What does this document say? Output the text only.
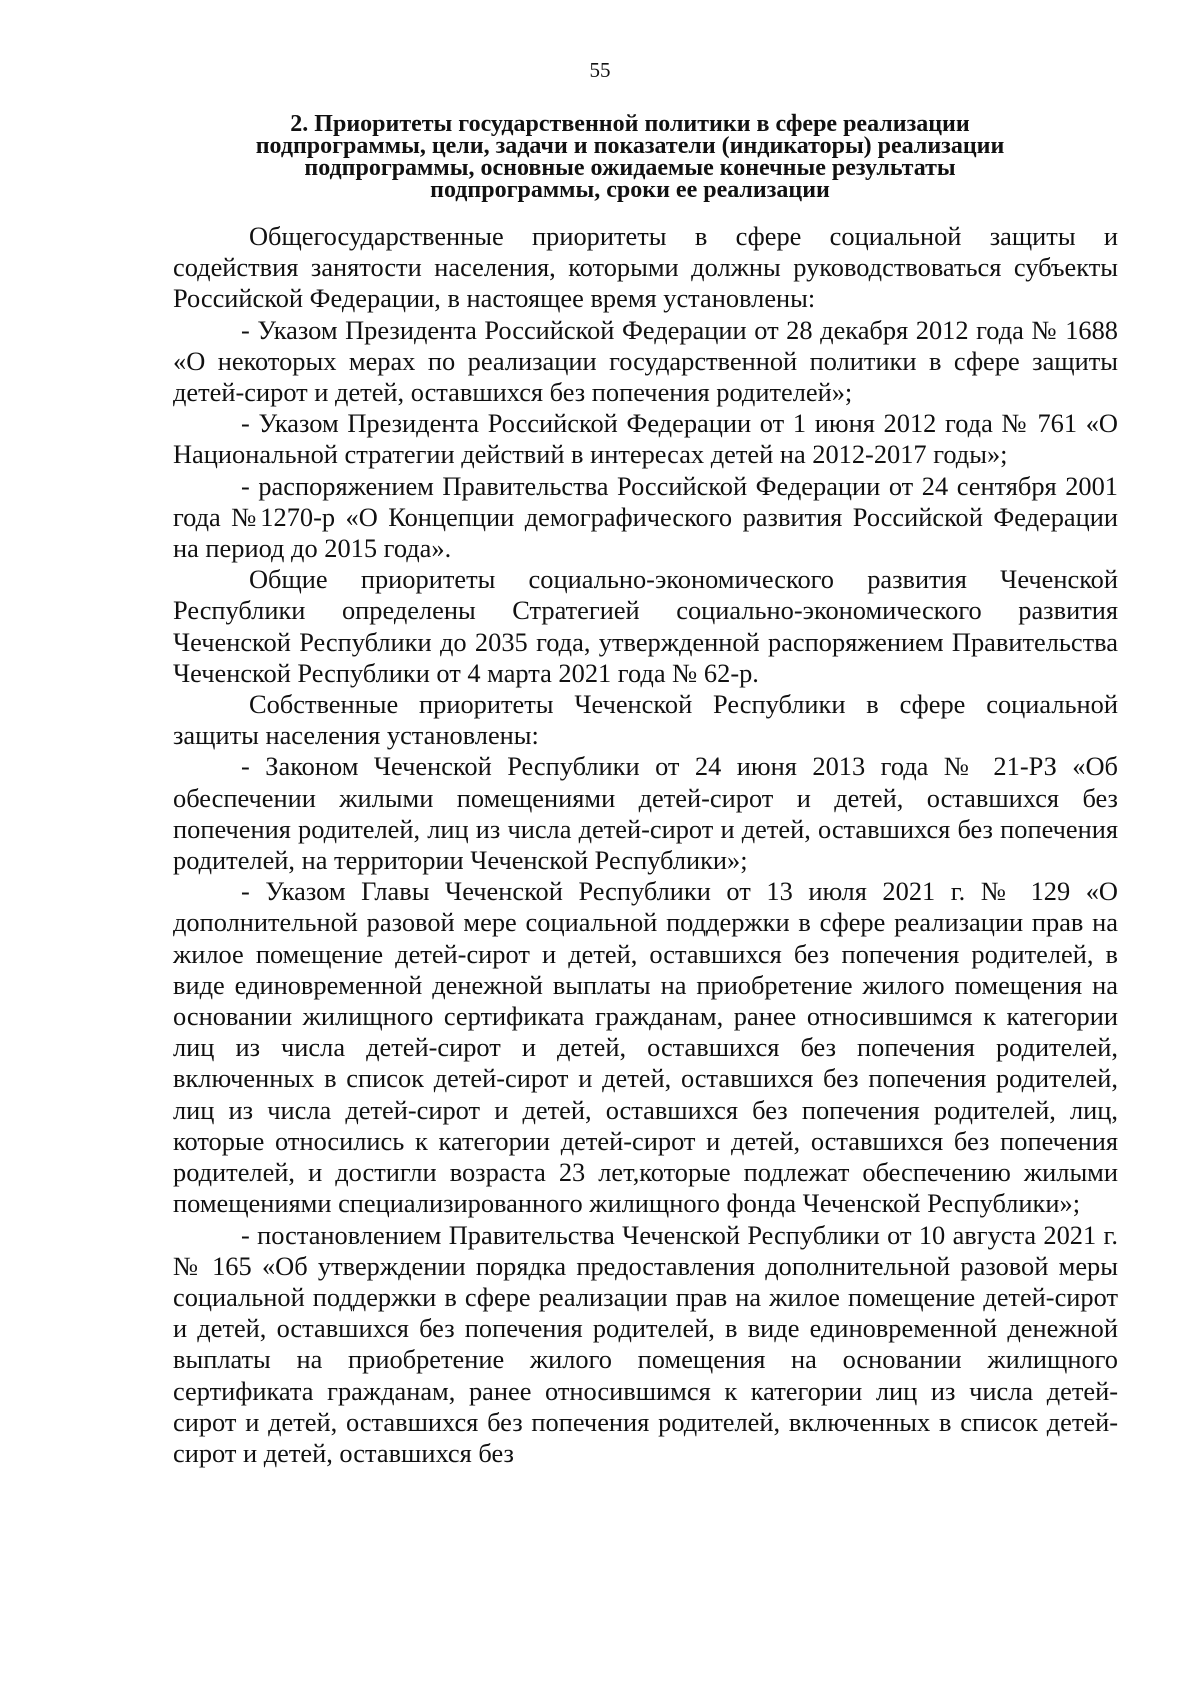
55
2. Приоритеты государственной политики в сфере реализации
подпрограммы, цели, задачи и показатели (индикаторы) реализации
подпрограммы, основные ожидаемые конечные результаты
подпрограммы, сроки ее реализации

Общегосударственные приоритеты в сфере социальной защиты и содействия занятости населения, которыми должны руководствоваться субъекты Российской Федерации, в настоящее время установлены:

- Указом Президента Российской Федерации от 28 декабря 2012 года № 1688 «О некоторых мерах по реализации государственной политики в сфере защиты детей-сирот и детей, оставшихся без попечения родителей»;

- Указом Президента Российской Федерации от 1 июня 2012 года № 761 «О Национальной стратегии действий в интересах детей на 2012-2017 годы»;

- распоряжением Правительства Российской Федерации от 24 сентября 2001 года №1270-р «О Концепции демографического развития Российской Федерации на период до 2015 года».

Общие приоритеты социально-экономического развития Чеченской Республики определены Стратегией социально-экономического развития Чеченской Республики до 2035 года, утвержденной распоряжением Правительства Чеченской Республики от 4 марта 2021 года № 62-р.

Собственные приоритеты Чеченской Республики в сфере социальной защиты населения установлены:

- Законом Чеченской Республики от 24 июня 2013 года № 21-РЗ «Об обеспечении жилыми помещениями детей-сирот и детей, оставшихся без попечения родителей, лиц из числа детей-сирот и детей, оставшихся без попечения родителей, на территории Чеченской Республики»;

- Указом Главы Чеченской Республики от 13 июля 2021 г. № 129 «О дополнительной разовой мере социальной поддержки в сфере реализации прав на жилое помещение детей-сирот и детей, оставшихся без попечения родителей, в виде единовременной денежной выплаты на приобретение жилого помещения на основании жилищного сертификата гражданам, ранее относившимся к категории лиц из числа детей-сирот и детей, оставшихся без попечения родителей, включенных в список детей-сирот и детей, оставшихся без попечения родителей, лиц из числа детей-сирот и детей, оставшихся без попечения родителей, лиц, которые относились к категории детей-сирот и детей, оставшихся без попечения родителей, и достигли возраста 23 лет,которые подлежат обеспечению жилыми помещениями специализированного жилищного фонда Чеченской Республики»;

- постановлением Правительства Чеченской Республики от 10 августа 2021 г. № 165 «Об утверждении порядка предоставления дополнительной разовой меры социальной поддержки в сфере реализации прав на жилое помещение детей-сирот и детей, оставшихся без попечения родителей, в виде единовременной денежной выплаты на приобретение жилого помещения на основании жилищного сертификата гражданам, ранее относившимся к категории лиц из числа детей-сирот и детей, оставшихся без попечения родителей, включенных в список детей-сирот и детей, оставшихся без
